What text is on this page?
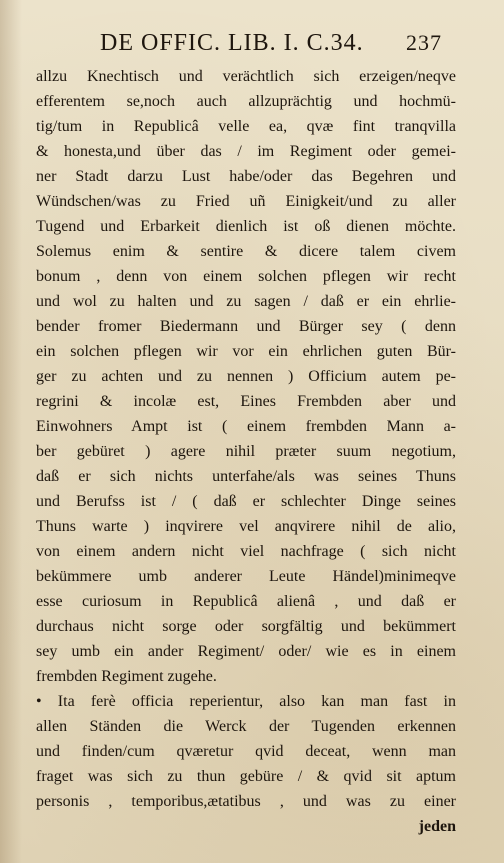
DE OFFIC. LIB. I. C.34. 237
allzu Knechtisch und verächtlich sich erzeigen/neqve
efferentem se,noch auch allzuprächtig und hochmü-
tig/tum in Republicâ velle ea, qvæ fint tranqvilla
& honesta,und über das / im Regiment oder gemei-
ner Stadt darzu Lust habe/oder das Begehren und
Wündschen/was zu Fried uñ Einigkeit/und zu aller
Tugend und Erbarkeit dienlich ist oß dienen möchte.
Solemus enim & sentire & dicere talem civem
bonum , denn von einem solchen pflegen wir recht
und wol zu halten und zu sagen / daß er ein ehrlie-
bender fromer Biedermann und Bürger sey ( denn
ein solchen pflegen wir vor ein ehrlichen guten Bür-
ger zu achten und zu nennen ) Officium autem pe-
regrini & incolæ est, Eines Frembden aber und
Einwohners Ampt ist ( einem frembden Mann a-
ber gebüret ) agere nihil præter suum negotium,
daß er sich nichts unterfahe/als was seines Thuns
und Berufss ist / ( daß er schlechter Dinge seines
Thuns warte ) inqvirere vel anqvirere nihil de alio,
von einem andern nicht viel nachfrage ( sich nicht
bekümmere umb anderer Leute Händel)minimeqve
esse curiosum in Republicâ alienâ , und daß er
durchaus nicht sorge oder sorgfältig und bekümmert
sey umb ein ander Regiment/ oder/ wie es in einem
frembden Regiment zugehe.
• Ita ferè officia reperientur, also kan man fast in
allen Ständen die Werck der Tugenden erkennen
und finden/cum qværetur qvid deceat, wenn man
fraget was sich zu thun gebüre / & qvid sit aptum
personis , temporibus,ætatibus , und was zu einer
jeden
